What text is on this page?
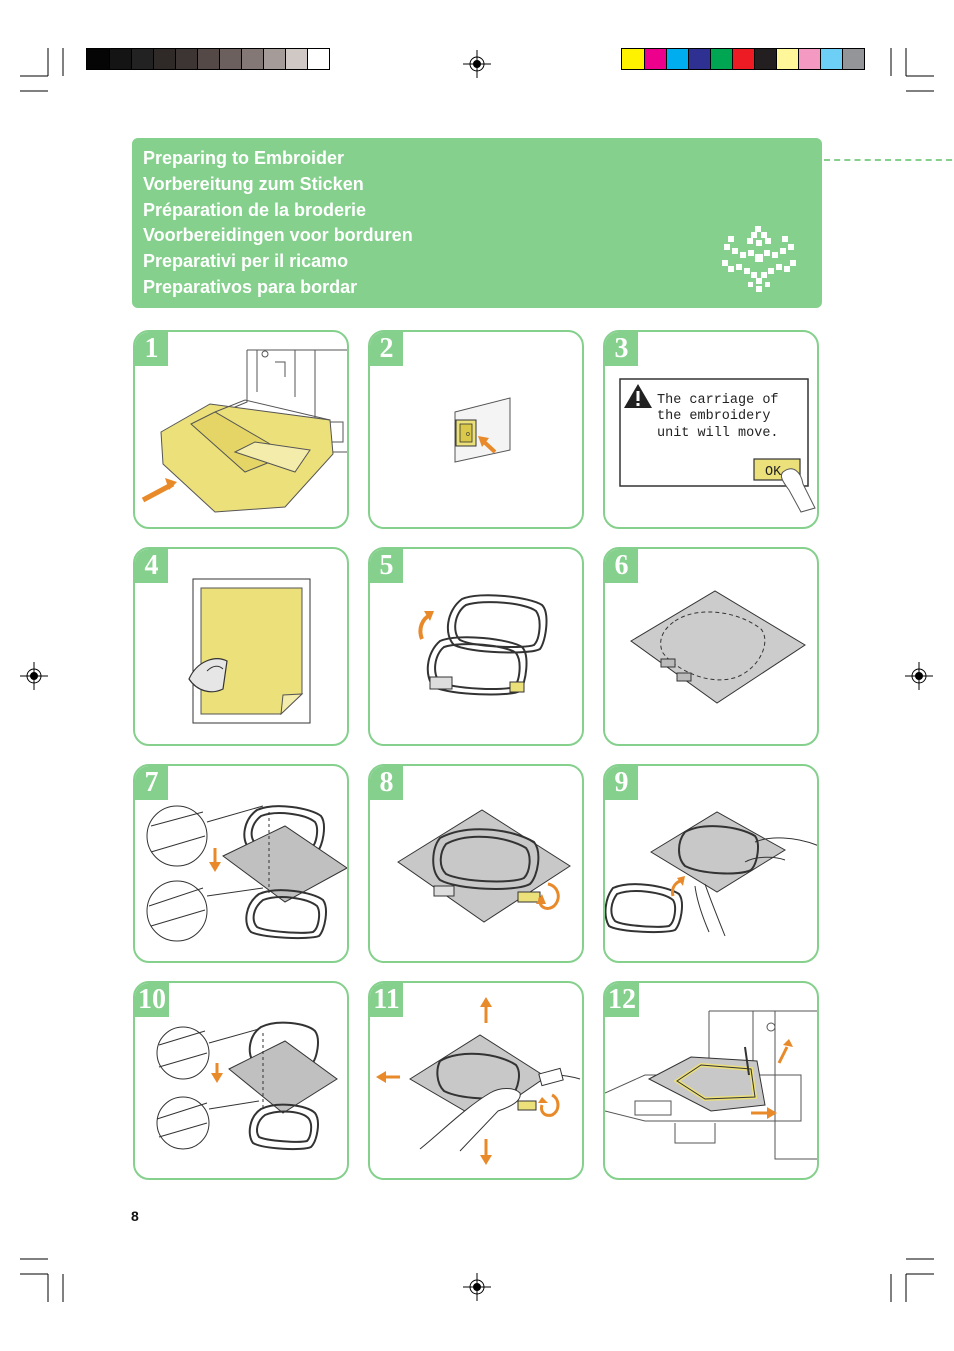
Preparing to Embroider
Vorbereitung zum Sticken
Préparation de la broderie
Voorbereidingen voor borduren
Preparativi per il ricamo
Preparativos para bordar
1	2
o
3
The carriage of
the embroidery
unit will move.
OK
4	5	6
7	8	9
10	11	12
8
